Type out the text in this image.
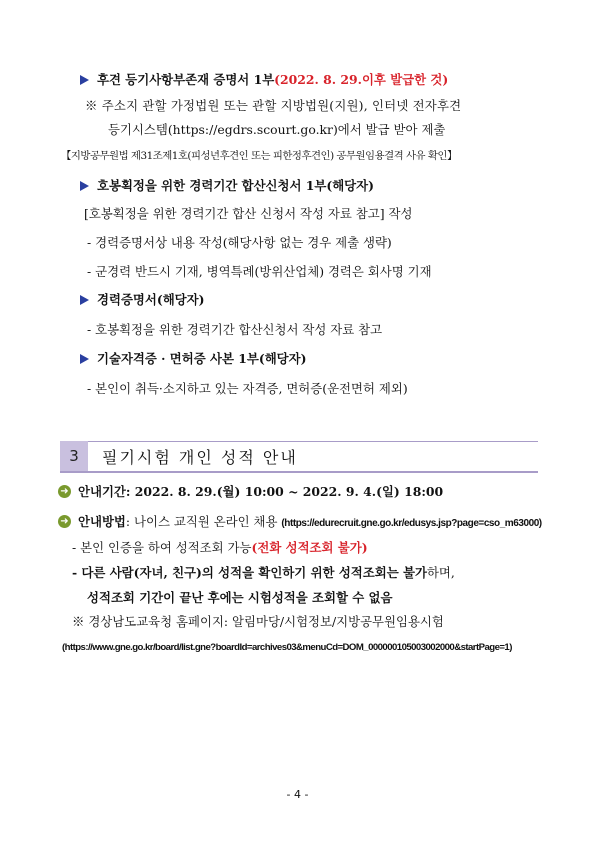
후견 등기사항부존재 증명서 1부(2022. 8. 29.이후 발급한 것)
※ 주소지 관할 가정법원 또는 관할 지방법원(지원), 인터넷 전자후견
등기시스템(https://egdrs.scourt.go.kr)에서 발급 받아 제출
【지방공무원법 제31조제1호(피성년후견인 또는 피한정후견인) 공무원임용결격 사유 확인】
호봉획정을 위한 경력기간 합산신청서 1부(해당자)
[호봉획정을 위한 경력기간 합산 신청서 작성 자료 참고] 작성
- 경력증명서상 내용 작성(해당사항 없는 경우 제출 생략)
- 군경력 반드시 기재, 병역특례(방위산업체) 경력은 회사명 기재
경력증명서(해당자)
- 호봉획정을 위한 경력기간 합산신청서 작성 자료 참고
기술자격증 · 면허증 사본 1부(해당자)
- 본인이 취득·소지하고 있는 자격증, 면허증(운전면허 제외)
3	필기시험 개인 성적 안내
➜ 안내기간: 2022. 8. 29.(월) 10:00 ~ 2022. 9. 4.(일) 18:00
➜ 안내방법: 나이스 교직원 온라인 채용 (https://edurecruit.gne.go.kr/edusys.jsp?page=cso_m63000)
- 본인 인증을 하여 성적조회 가능(전화 성적조회 불가)
- 다른 사람(자녀, 친구)의 성적을 확인하기 위한 성적조회는 불가하며,
성적조회 기간이 끝난 후에는 시험성적을 조회할 수 없음
※ 경상남도교육청 홈페이지: 알림마당/시험정보/지방공무원임용시험
(https://www.gne.go.kr/board/list.gne?boardId=archives03&menuCd=DOM_000000105003002000&startPage=1)
- 4 -
